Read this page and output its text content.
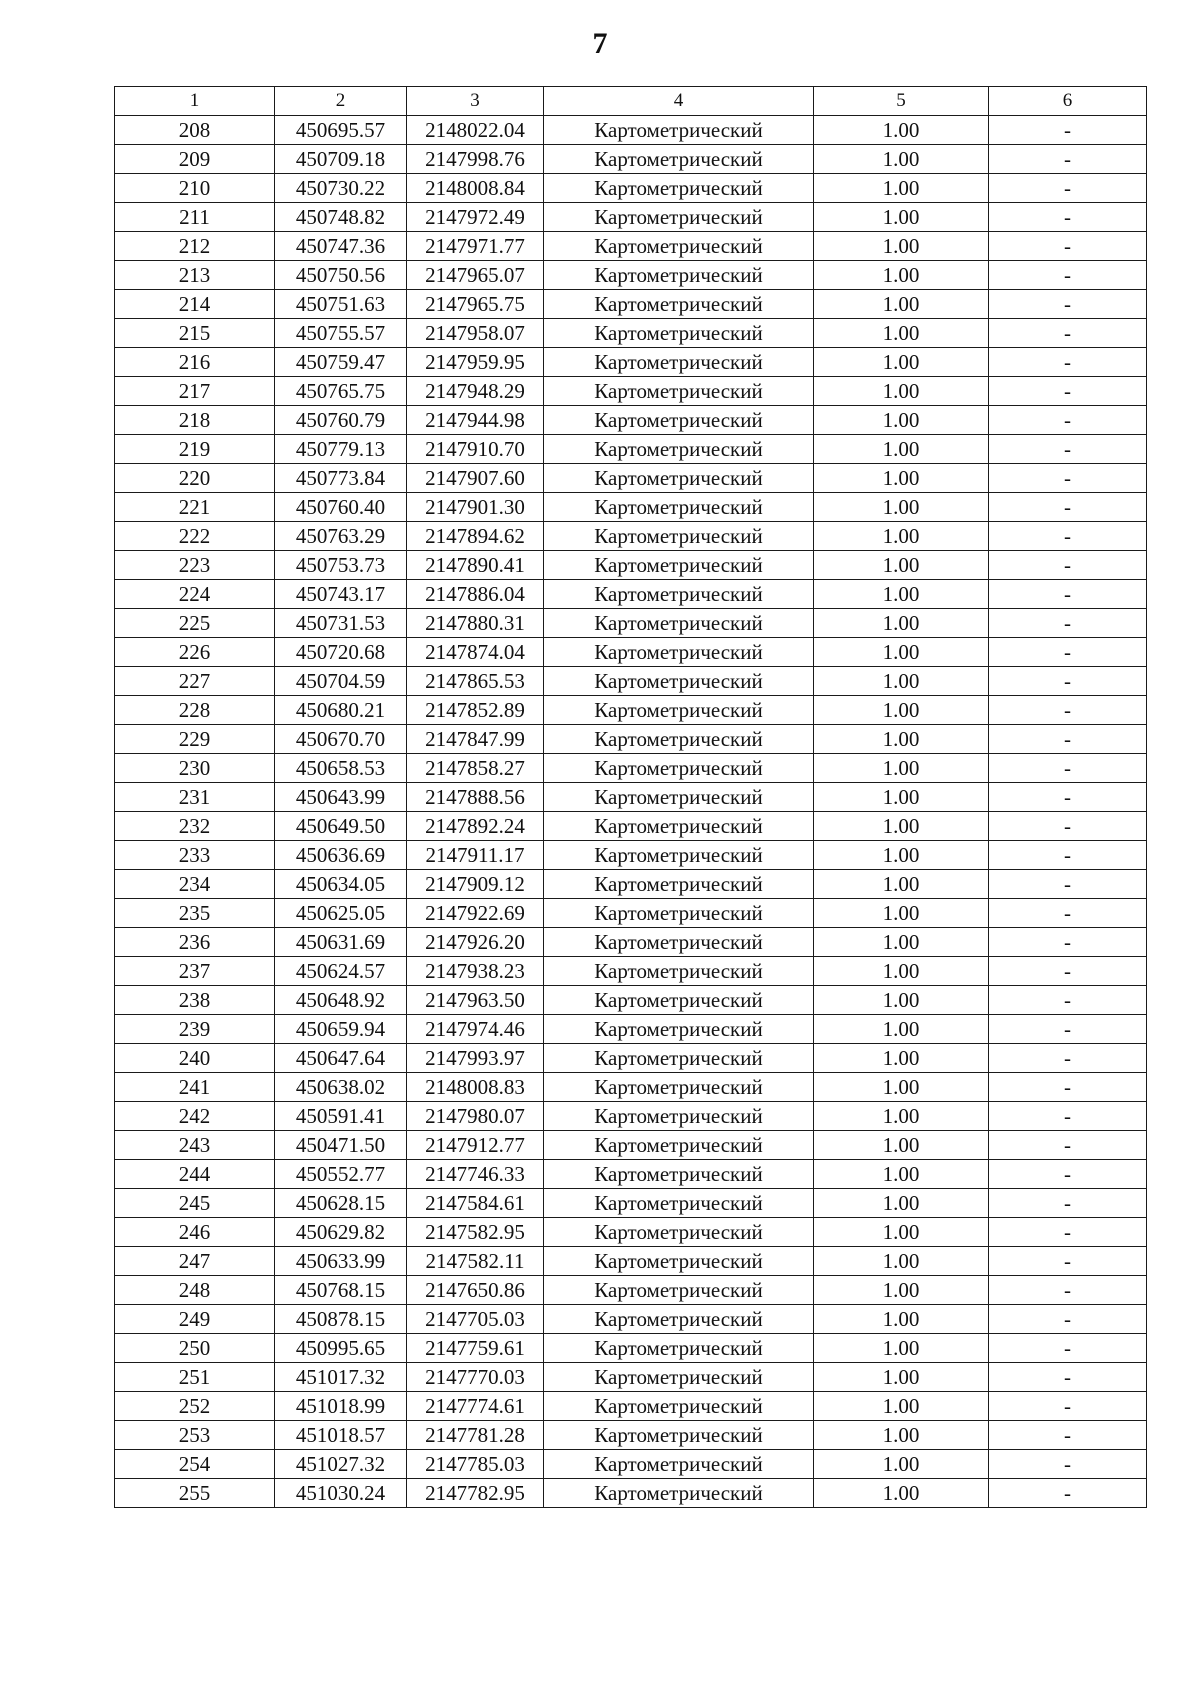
7
1	2	3	4	5	6
208	450695.57	2148022.04	Картометрический	1.00	-
209	450709.18	2147998.76	Картометрический	1.00	-
210	450730.22	2148008.84	Картометрический	1.00	-
211	450748.82	2147972.49	Картометрический	1.00	-
212	450747.36	2147971.77	Картометрический	1.00	-
213	450750.56	2147965.07	Картометрический	1.00	-
214	450751.63	2147965.75	Картометрический	1.00	-
215	450755.57	2147958.07	Картометрический	1.00	-
216	450759.47	2147959.95	Картометрический	1.00	-
217	450765.75	2147948.29	Картометрический	1.00	-
218	450760.79	2147944.98	Картометрический	1.00	-
219	450779.13	2147910.70	Картометрический	1.00	-
220	450773.84	2147907.60	Картометрический	1.00	-
221	450760.40	2147901.30	Картометрический	1.00	-
222	450763.29	2147894.62	Картометрический	1.00	-
223	450753.73	2147890.41	Картометрический	1.00	-
224	450743.17	2147886.04	Картометрический	1.00	-
225	450731.53	2147880.31	Картометрический	1.00	-
226	450720.68	2147874.04	Картометрический	1.00	-
227	450704.59	2147865.53	Картометрический	1.00	-
228	450680.21	2147852.89	Картометрический	1.00	-
229	450670.70	2147847.99	Картометрический	1.00	-
230	450658.53	2147858.27	Картометрический	1.00	-
231	450643.99	2147888.56	Картометрический	1.00	-
232	450649.50	2147892.24	Картометрический	1.00	-
233	450636.69	2147911.17	Картометрический	1.00	-
234	450634.05	2147909.12	Картометрический	1.00	-
235	450625.05	2147922.69	Картометрический	1.00	-
236	450631.69	2147926.20	Картометрический	1.00	-
237	450624.57	2147938.23	Картометрический	1.00	-
238	450648.92	2147963.50	Картометрический	1.00	-
239	450659.94	2147974.46	Картометрический	1.00	-
240	450647.64	2147993.97	Картометрический	1.00	-
241	450638.02	2148008.83	Картометрический	1.00	-
242	450591.41	2147980.07	Картометрический	1.00	-
243	450471.50	2147912.77	Картометрический	1.00	-
244	450552.77	2147746.33	Картометрический	1.00	-
245	450628.15	2147584.61	Картометрический	1.00	-
246	450629.82	2147582.95	Картометрический	1.00	-
247	450633.99	2147582.11	Картометрический	1.00	-
248	450768.15	2147650.86	Картометрический	1.00	-
249	450878.15	2147705.03	Картометрический	1.00	-
250	450995.65	2147759.61	Картометрический	1.00	-
251	451017.32	2147770.03	Картометрический	1.00	-
252	451018.99	2147774.61	Картометрический	1.00	-
253	451018.57	2147781.28	Картометрический	1.00	-
254	451027.32	2147785.03	Картометрический	1.00	-
255	451030.24	2147782.95	Картометрический	1.00	-
